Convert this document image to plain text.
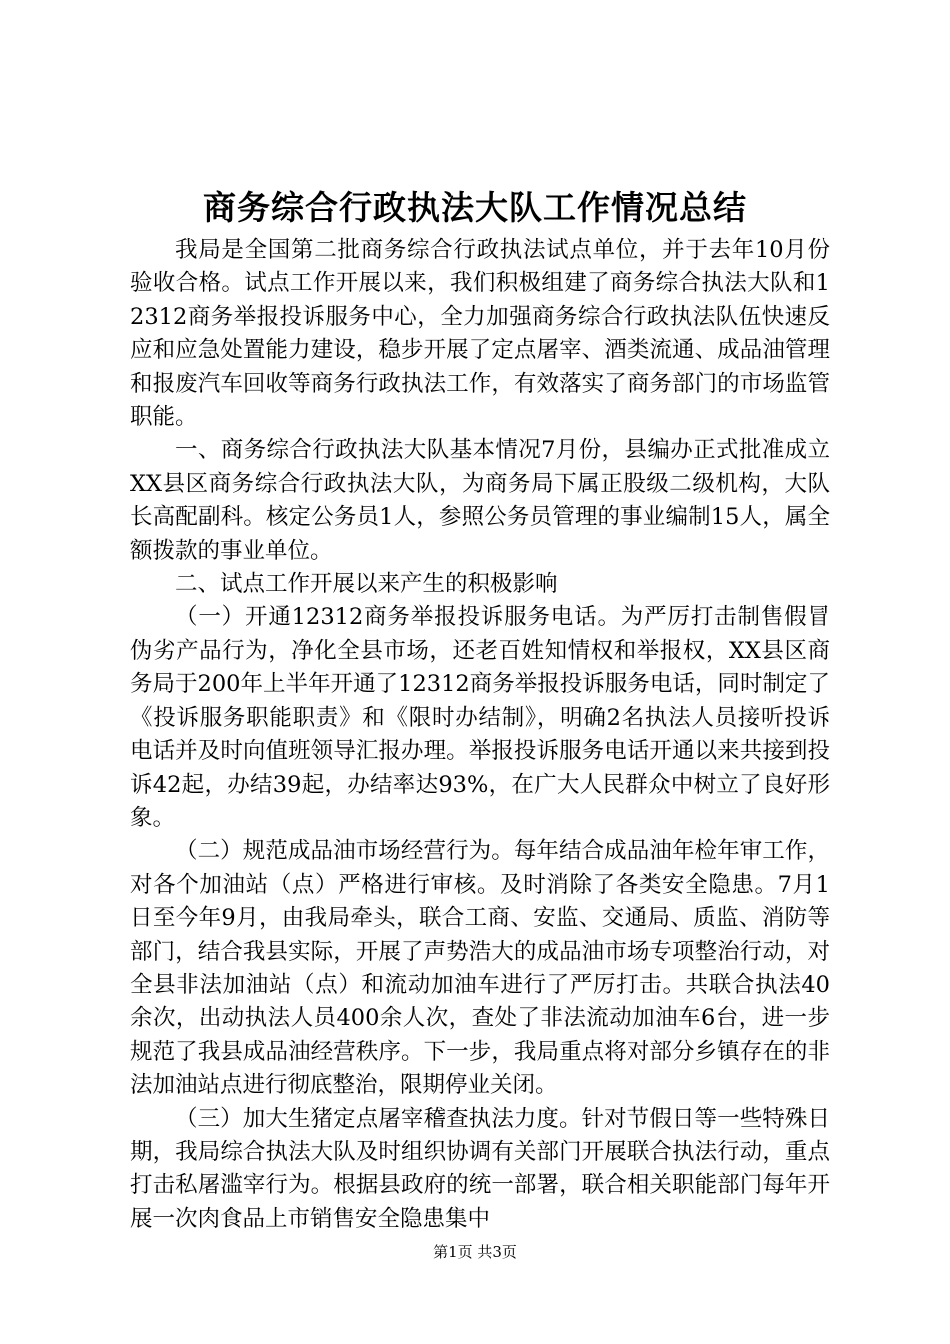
商务综合行政执法大队工作情况总结

我局是全国第二批商务综合行政执法试点单位，并于去年10月份验收合格。试点工作开展以来，我们积极组建了商务综合执法大队和12312商务举报投诉服务中心，全力加强商务综合行政执法队伍快速反应和应急处置能力建设，稳步开展了定点屠宰、酒类流通、成品油管理和报废汽车回收等商务行政执法工作，有效落实了商务部门的市场监管职能。

一、商务综合行政执法大队基本情况7月份，县编办正式批准成立XX县区商务综合行政执法大队，为商务局下属正股级二级机构，大队长高配副科。核定公务员1人，参照公务员管理的事业编制15人，属全额拨款的事业单位。

二、试点工作开展以来产生的积极影响

（一）开通12312商务举报投诉服务电话。为严厉打击制售假冒伪劣产品行为，净化全县市场，还老百姓知情权和举报权，XX县区商务局于200年上半年开通了12312商务举报投诉服务电话，同时制定了《投诉服务职能职责》和《限时办结制》，明确2名执法人员接听投诉电话并及时向值班领导汇报办理。举报投诉服务电话开通以来共接到投诉42起，办结39起，办结率达93%，在广大人民群众中树立了良好形象。

（二）规范成品油市场经营行为。每年结合成品油年检年审工作，对各个加油站（点）严格进行审核。及时消除了各类安全隐患。7月1日至今年9月，由我局牵头，联合工商、安监、交通局、质监、消防等部门，结合我县实际，开展了声势浩大的成品油市场专项整治行动，对全县非法加油站（点）和流动加油车进行了严厉打击。共联合执法40余次，出动执法人员400余人次，查处了非法流动加油车6台，进一步规范了我县成品油经营秩序。下一步，我局重点将对部分乡镇存在的非法加油站点进行彻底整治，限期停业关闭。

（三）加大生猪定点屠宰稽查执法力度。针对节假日等一些特殊日期，我局综合执法大队及时组织协调有关部门开展联合执法行动，重点打击私屠滥宰行为。根据县政府的统一部署，联合相关职能部门每年开展一次肉食品上市销售安全隐患集中

第1页 共3页
